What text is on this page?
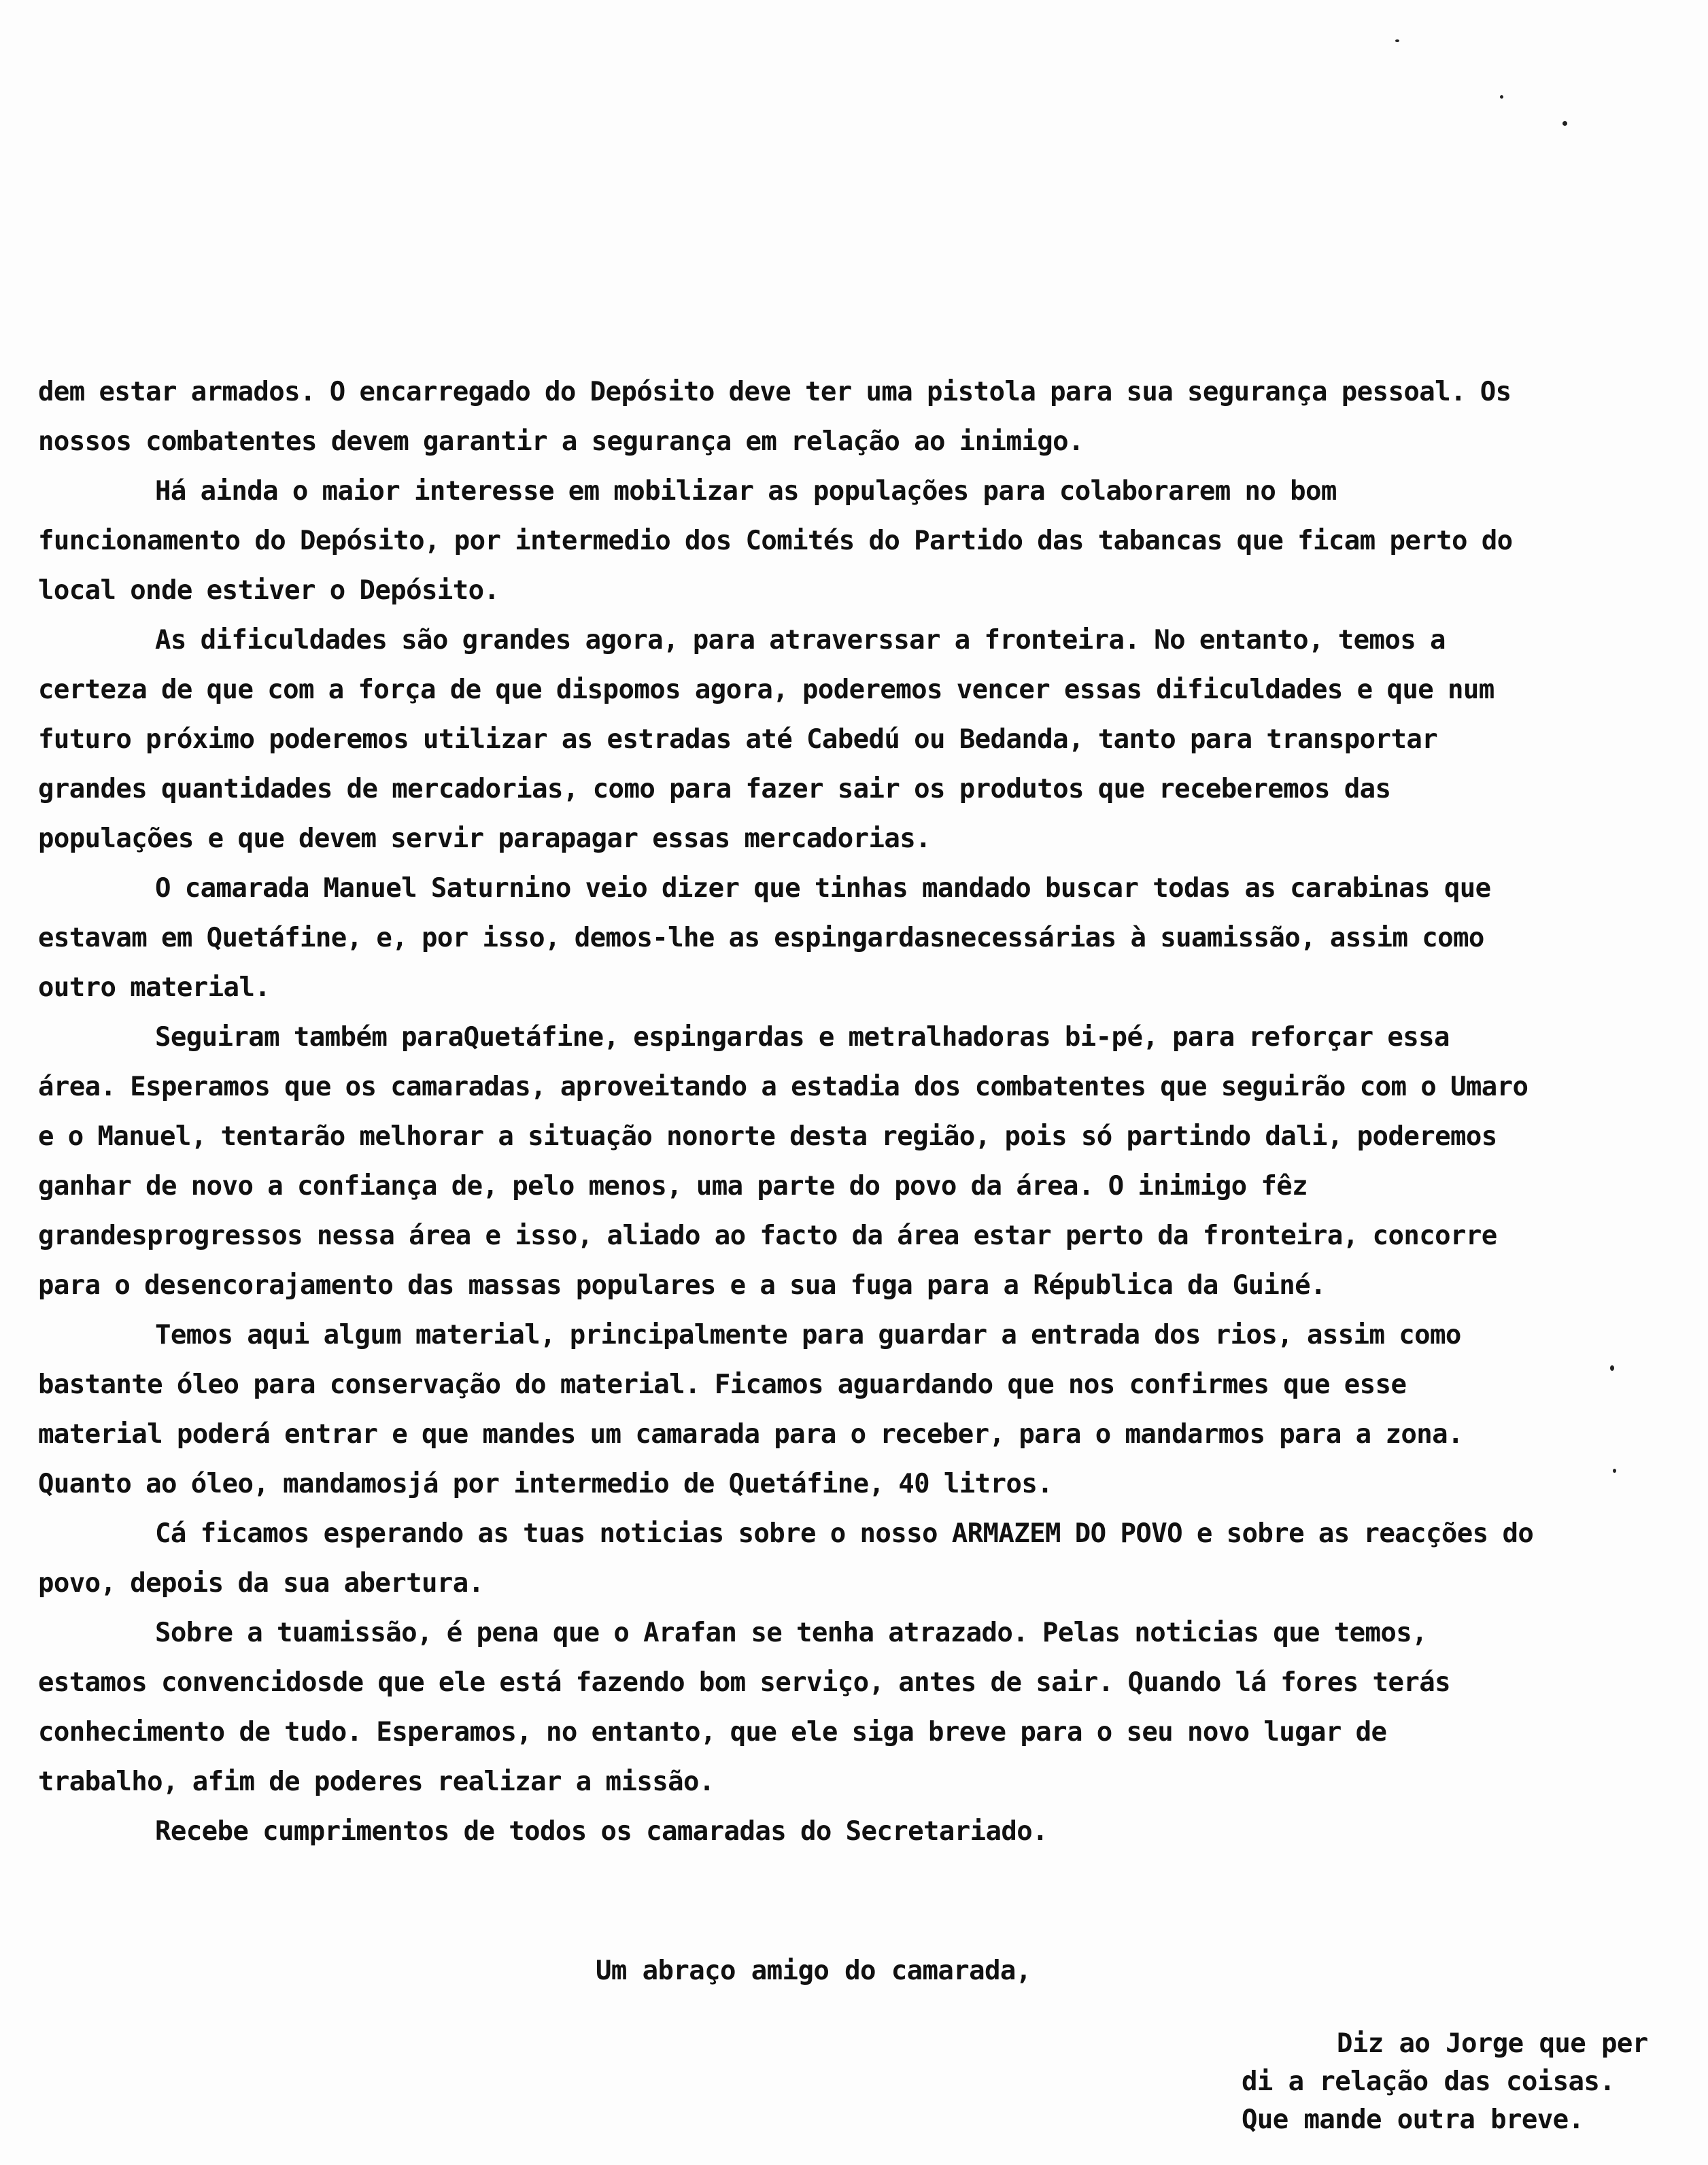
dem estar armados. O encarregado do Depósito deve ter uma pistola para sua segurança pessoal. Os nossos combatentes devem garantir a segurança em relação ao inimigo.

Há ainda o maior interesse em mobilizar as populações para colaborarem no bom funcionamento do Depósito, por intermedio dos Comités do Partido das tabancas que ficam perto do local onde estiver o Depósito.

As dificuldades são grandes agora, para atraverssar a fronteira. No entanto, temos a certeza de que com a força de que dispomos agora, poderemos vencer essas dificuldades e que num futuro próximo poderemos utilizar as estradas até Cabedú ou Bedanda, tanto para transportar grandes quantidades de mercadorias, como para fazer sair os produtos que receberemos das populações e que devem servir parapagar essas mercadorias.

O camarada Manuel Saturnino veio dizer que tinhas mandado buscar todas as carabinas que estavam em Quetáfine, e, por isso, demos-lhe as espingardasnecessárias à suamissão, assim como outro material.

Seguiram também paraQuetáfine, espingardas e metralhadoras bi-pé, para reforçar essa área. Esperamos que os camaradas, aproveitando a estadia dos combatentes que seguirão com o Umaro e o Manuel, tentarão melhorar a situação nonorte desta região, pois só partindo dali, poderemos ganhar de novo a confiança de, pelo menos, uma parte do povo da área. O inimigo fêz grandesprogressos nessa área e isso, aliado ao facto da área estar perto da fronteira, concorre para o desencorajamento das massas populares e a sua fuga para a Républica da Guiné.

Temos aqui algum material, principalmente para guardar a entrada dos rios, assim como bastante óleo para conservação do material. Ficamos aguardando que nos confirmes que esse material poderá entrar e que mandes um camarada para o receber, para o mandarmos para a zona. Quanto ao óleo, mandamosjá por intermedio de Quetáfine, 40 litros.

Cá ficamos esperando as tuas noticias sobre o nosso ARMAZEM DO POVO e sobre as reacções do povo, depois da sua abertura.

Sobre a tuamissão, é pena que o Arafan se tenha atrazado. Pelas noticias que temos, estamos convencidosde que ele está fazendo bom serviço, antes de sair. Quando lá fores terás conhecimento de tudo. Esperamos, no entanto, que ele siga breve para o seu novo lugar de trabalho, afim de poderes realizar a missão.

Recebe cumprimentos de todos os camaradas do Secretariado.

Um abraço amigo do camarada,
Diz ao Jorge que per
di a relação das coisas.
Que mande outra breve.
